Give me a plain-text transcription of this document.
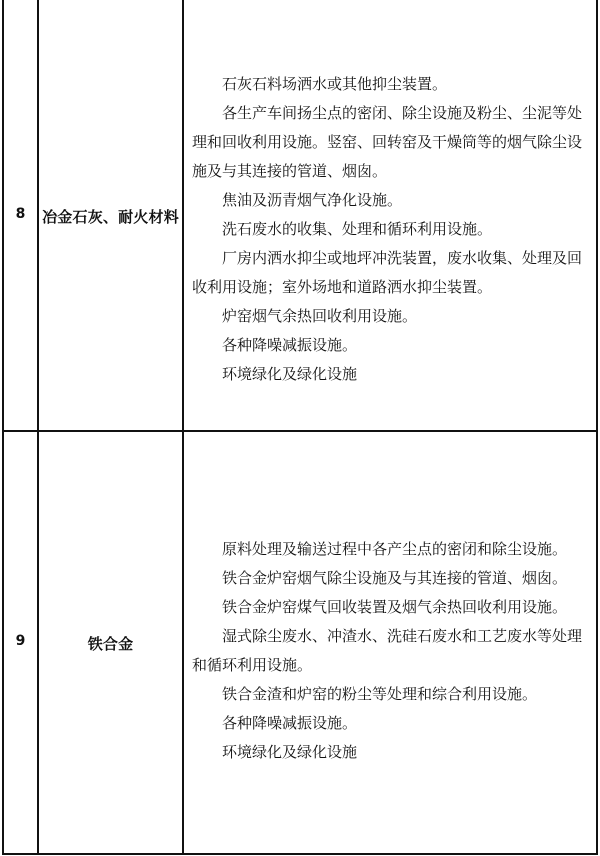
8	冶金石灰、耐火材料

石灰石料场洒水或其他抑尘装置。

各生产车间扬尘点的密闭、除尘设施及粉尘、尘泥等处理和回收利用设施。竖窑、回转窑及干燥筒等的烟气除尘设施及与其连接的管道、烟囱。

焦油及沥青烟气净化设施。

洗石废水的收集、处理和循环利用设施。

厂房内洒水抑尘或地坪冲洗装置，废水收集、处理及回收利用设施；室外场地和道路洒水抑尘装置。

炉窑烟气余热回收利用设施。

各种降噪减振设施。

环境绿化及绿化设施

9	铁合金

原料处理及输送过程中各产尘点的密闭和除尘设施。

铁合金炉窑烟气除尘设施及与其连接的管道、烟囱。

铁合金炉窑煤气回收装置及烟气余热回收利用设施。

湿式除尘废水、冲渣水、洗硅石废水和工艺废水等处理和循环利用设施。

铁合金渣和炉窑的粉尘等处理和综合利用设施。

各种降噪减振设施。

环境绿化及绿化设施
